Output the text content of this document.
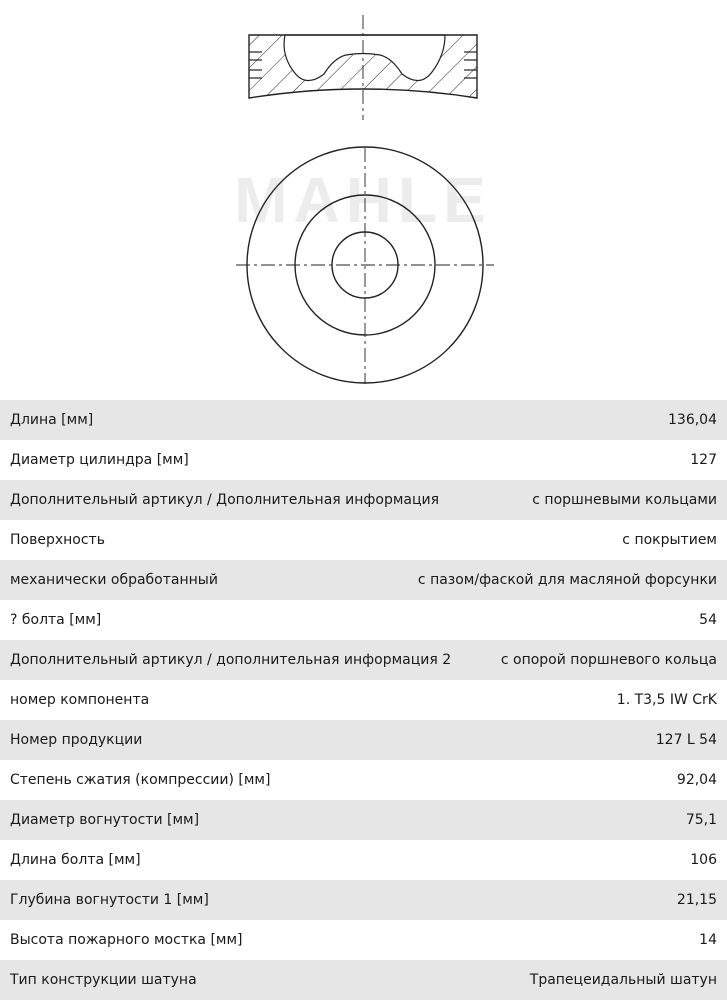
MAHLE
Длина [мм]	136,04
Диаметр цилиндра [мм]	127
Дополнительный артикул / Дополнительная информация	с поршневыми кольцами
Поверхность	с покрытием
механически обработанный	с пазом/фаской для масляной форсунки
? болта [мм]	54
Дополнительный артикул / дополнительная информация 2	с опорой поршневого кольца
номер компонента	1. T3,5 IW CrK
Номер продукции	127 L 54
Степень сжатия (компрессии) [мм]	92,04
Диаметр вогнутости [мм]	75,1
Длина болта [мм]	106
Глубина вогнутости 1 [мм]	21,15
Высота пожарного мостка [мм]	14
Тип конструкции шатуна	Трапецеидальный шатун
